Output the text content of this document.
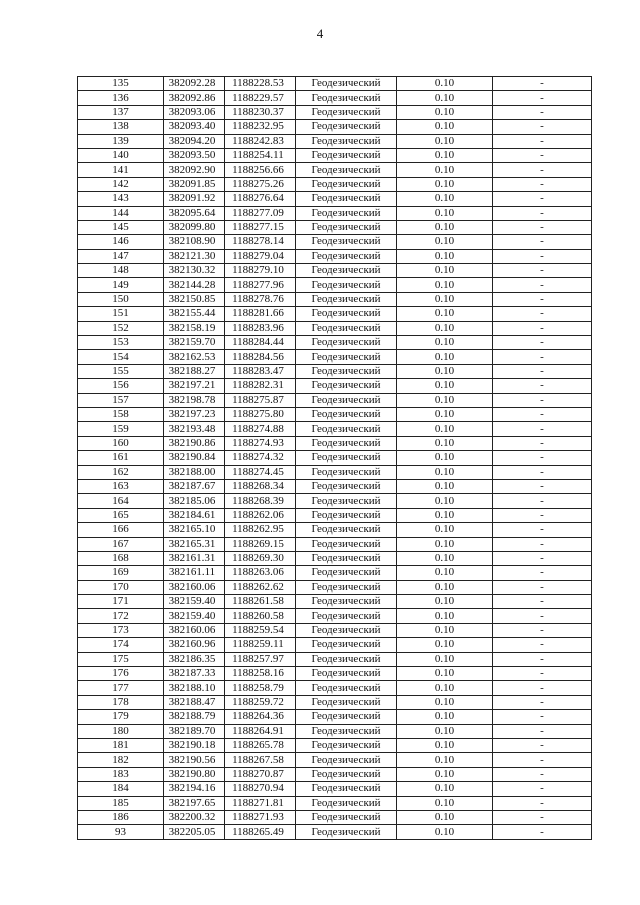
4
135	382092.28	1188228.53	Геодезический	0.10	-
136	382092.86	1188229.57	Геодезический	0.10	-
137	382093.06	1188230.37	Геодезический	0.10	-
138	382093.40	1188232.95	Геодезический	0.10	-
139	382094.20	1188242.83	Геодезический	0.10	-
140	382093.50	1188254.11	Геодезический	0.10	-
141	382092.90	1188256.66	Геодезический	0.10	-
142	382091.85	1188275.26	Геодезический	0.10	-
143	382091.92	1188276.64	Геодезический	0.10	-
144	382095.64	1188277.09	Геодезический	0.10	-
145	382099.80	1188277.15	Геодезический	0.10	-
146	382108.90	1188278.14	Геодезический	0.10	-
147	382121.30	1188279.04	Геодезический	0.10	-
148	382130.32	1188279.10	Геодезический	0.10	-
149	382144.28	1188277.96	Геодезический	0.10	-
150	382150.85	1188278.76	Геодезический	0.10	-
151	382155.44	1188281.66	Геодезический	0.10	-
152	382158.19	1188283.96	Геодезический	0.10	-
153	382159.70	1188284.44	Геодезический	0.10	-
154	382162.53	1188284.56	Геодезический	0.10	-
155	382188.27	1188283.47	Геодезический	0.10	-
156	382197.21	1188282.31	Геодезический	0.10	-
157	382198.78	1188275.87	Геодезический	0.10	-
158	382197.23	1188275.80	Геодезический	0.10	-
159	382193.48	1188274.88	Геодезический	0.10	-
160	382190.86	1188274.93	Геодезический	0.10	-
161	382190.84	1188274.32	Геодезический	0.10	-
162	382188.00	1188274.45	Геодезический	0.10	-
163	382187.67	1188268.34	Геодезический	0.10	-
164	382185.06	1188268.39	Геодезический	0.10	-
165	382184.61	1188262.06	Геодезический	0.10	-
166	382165.10	1188262.95	Геодезический	0.10	-
167	382165.31	1188269.15	Геодезический	0.10	-
168	382161.31	1188269.30	Геодезический	0.10	-
169	382161.11	1188263.06	Геодезический	0.10	-
170	382160.06	1188262.62	Геодезический	0.10	-
171	382159.40	1188261.58	Геодезический	0.10	-
172	382159.40	1188260.58	Геодезический	0.10	-
173	382160.06	1188259.54	Геодезический	0.10	-
174	382160.96	1188259.11	Геодезический	0.10	-
175	382186.35	1188257.97	Геодезический	0.10	-
176	382187.33	1188258.16	Геодезический	0.10	-
177	382188.10	1188258.79	Геодезический	0.10	-
178	382188.47	1188259.72	Геодезический	0.10	-
179	382188.79	1188264.36	Геодезический	0.10	-
180	382189.70	1188264.91	Геодезический	0.10	-
181	382190.18	1188265.78	Геодезический	0.10	-
182	382190.56	1188267.58	Геодезический	0.10	-
183	382190.80	1188270.87	Геодезический	0.10	-
184	382194.16	1188270.94	Геодезический	0.10	-
185	382197.65	1188271.81	Геодезический	0.10	-
186	382200.32	1188271.93	Геодезический	0.10	-
93	382205.05	1188265.49	Геодезический	0.10	-
